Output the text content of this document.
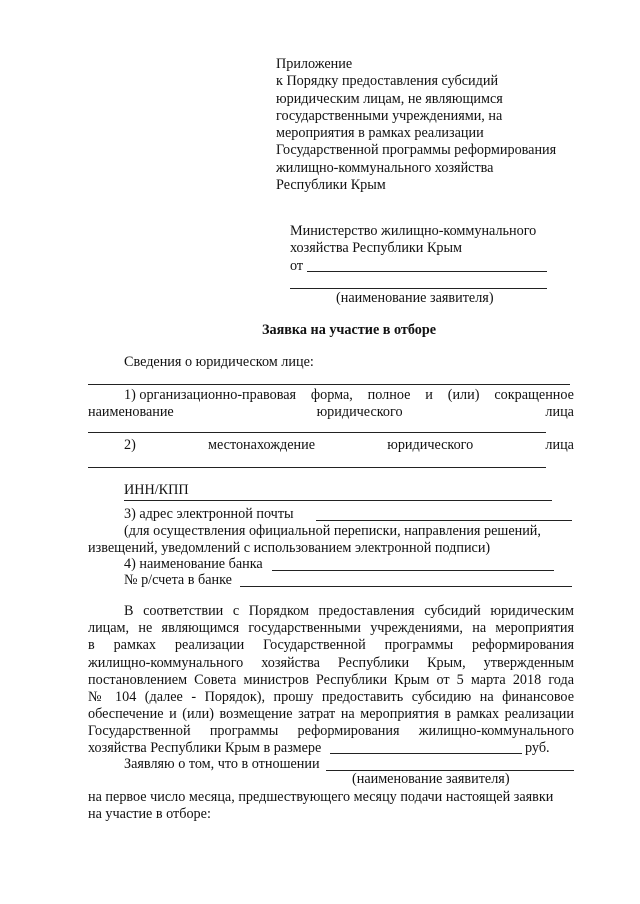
Приложение
к Порядку предоставления субсидий
юридическим лицам, не являющимся
государственными учреждениями, на
мероприятия в рамках реализации
Государственной программы реформирования
жилищно-коммунального хозяйства
Республики Крым
Министерство жилищно-коммунального
хозяйства Республики Крым
от
(наименование заявителя)
Заявка на участие в отборе
Сведения о юридическом лице:
1) организационно-правовая форма, полное и (или) сокращенное
наименование	юридического	лица
2)	местонахождение	юридического	лица
ИНН/КПП
3) адрес электронной почты
(для осуществления официальной переписки, направления решений,
извещений, уведомлений с использованием электронной подписи)
4) наименование банка
№ р/счета в банке
В соответствии с Порядком предоставления субсидий юридическим
лицам, не являющимся государственными учреждениями, на мероприятия
в рамках реализации Государственной программы реформирования
жилищно-коммунального хозяйства Республики Крым, утвержденным
постановлением Совета министров Республики Крым от 5 марта 2018 года
№ 104 (далее - Порядок), прошу предоставить субсидию на финансовое
обеспечение и (или) возмещение затрат на мероприятия в рамках реализации
Государственной программы реформирования жилищно-коммунального
хозяйства Республики Крым в размере	руб.
Заявляю о том, что в отношении
(наименование заявителя)
на первое число месяца, предшествующего месяцу подачи настоящей заявки
на участие в отборе:
